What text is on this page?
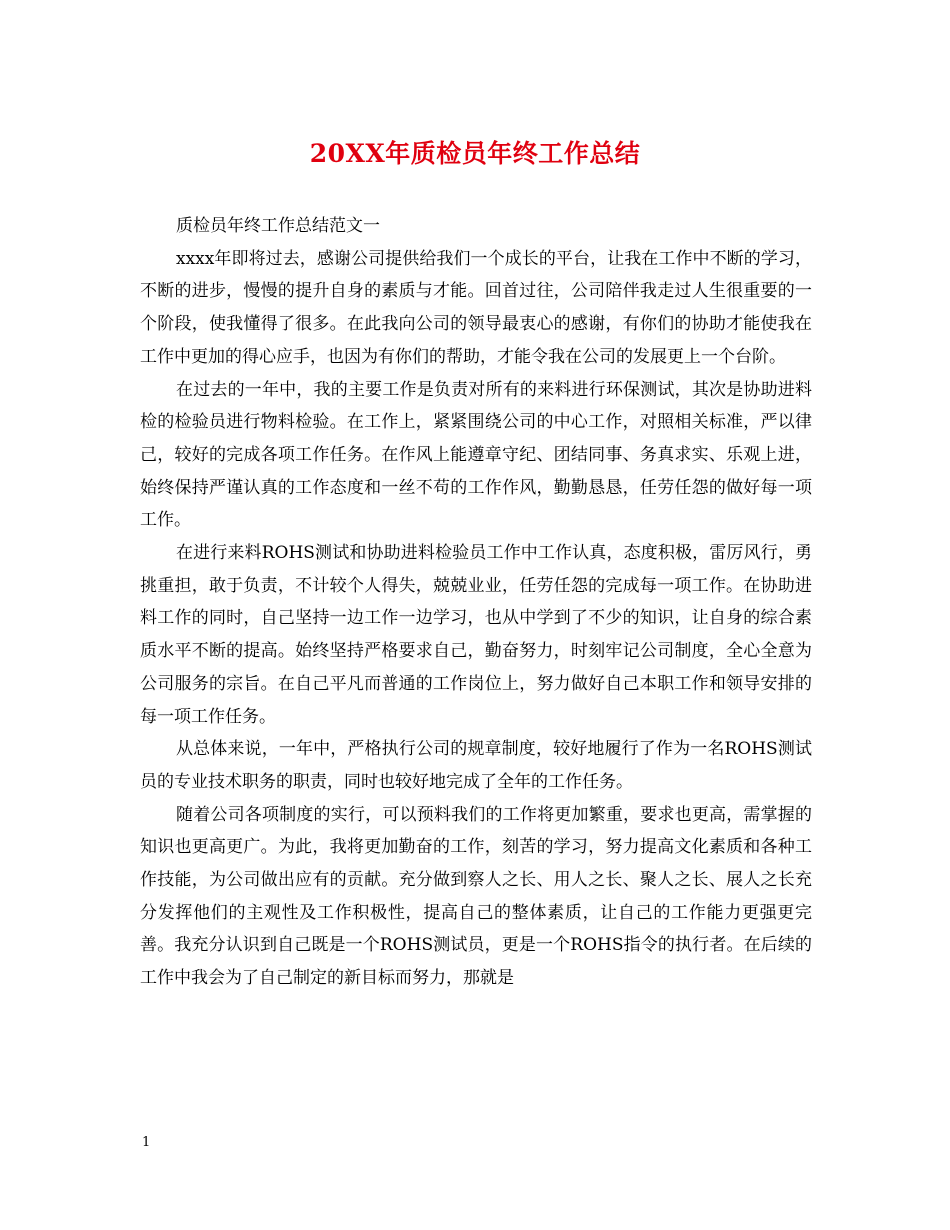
20XX年质检员年终工作总结

质检员年终工作总结范文一

xxxx年即将过去，感谢公司提供给我们一个成长的平台，让我在工作中不断的学习，不断的进步，慢慢的提升自身的素质与才能。回首过往，公司陪伴我走过人生很重要的一个阶段，使我懂得了很多。在此我向公司的领导最衷心的感谢，有你们的协助才能使我在工作中更加的得心应手，也因为有你们的帮助，才能令我在公司的发展更上一个台阶。

在过去的一年中，我的主要工作是负责对所有的来料进行环保测试，其次是协助进料检的检验员进行物料检验。在工作上，紧紧围绕公司的中心工作，对照相关标准，严以律己，较好的完成各项工作任务。在作风上能遵章守纪、团结同事、务真求实、乐观上进，始终保持严谨认真的工作态度和一丝不苟的工作作风，勤勤恳恳，任劳任怨的做好每一项工作。

在进行来料ROHS测试和协助进料检验员工作中工作认真，态度积极，雷厉风行，勇挑重担，敢于负责，不计较个人得失，兢兢业业，任劳任怨的完成每一项工作。在协助进料工作的同时，自己坚持一边工作一边学习，也从中学到了不少的知识，让自身的综合素质水平不断的提高。始终坚持严格要求自己，勤奋努力，时刻牢记公司制度，全心全意为公司服务的宗旨。在自己平凡而普通的工作岗位上，努力做好自己本职工作和领导安排的每一项工作任务。

从总体来说，一年中，严格执行公司的规章制度，较好地履行了作为一名ROHS测试员的专业技术职务的职责，同时也较好地完成了全年的工作任务。

随着公司各项制度的实行，可以预料我们的工作将更加繁重，要求也更高，需掌握的知识也更高更广。为此，我将更加勤奋的工作，刻苦的学习，努力提高文化素质和各种工作技能，为公司做出应有的贡献。充分做到察人之长、用人之长、聚人之长、展人之长充分发挥他们的主观性及工作积极性，提高自己的整体素质，让自己的工作能力更强更完善。我充分认识到自己既是一个ROHS测试员，更是一个ROHS指令的执行者。在后续的工作中我会为了自己制定的新目标而努力，那就是

1
